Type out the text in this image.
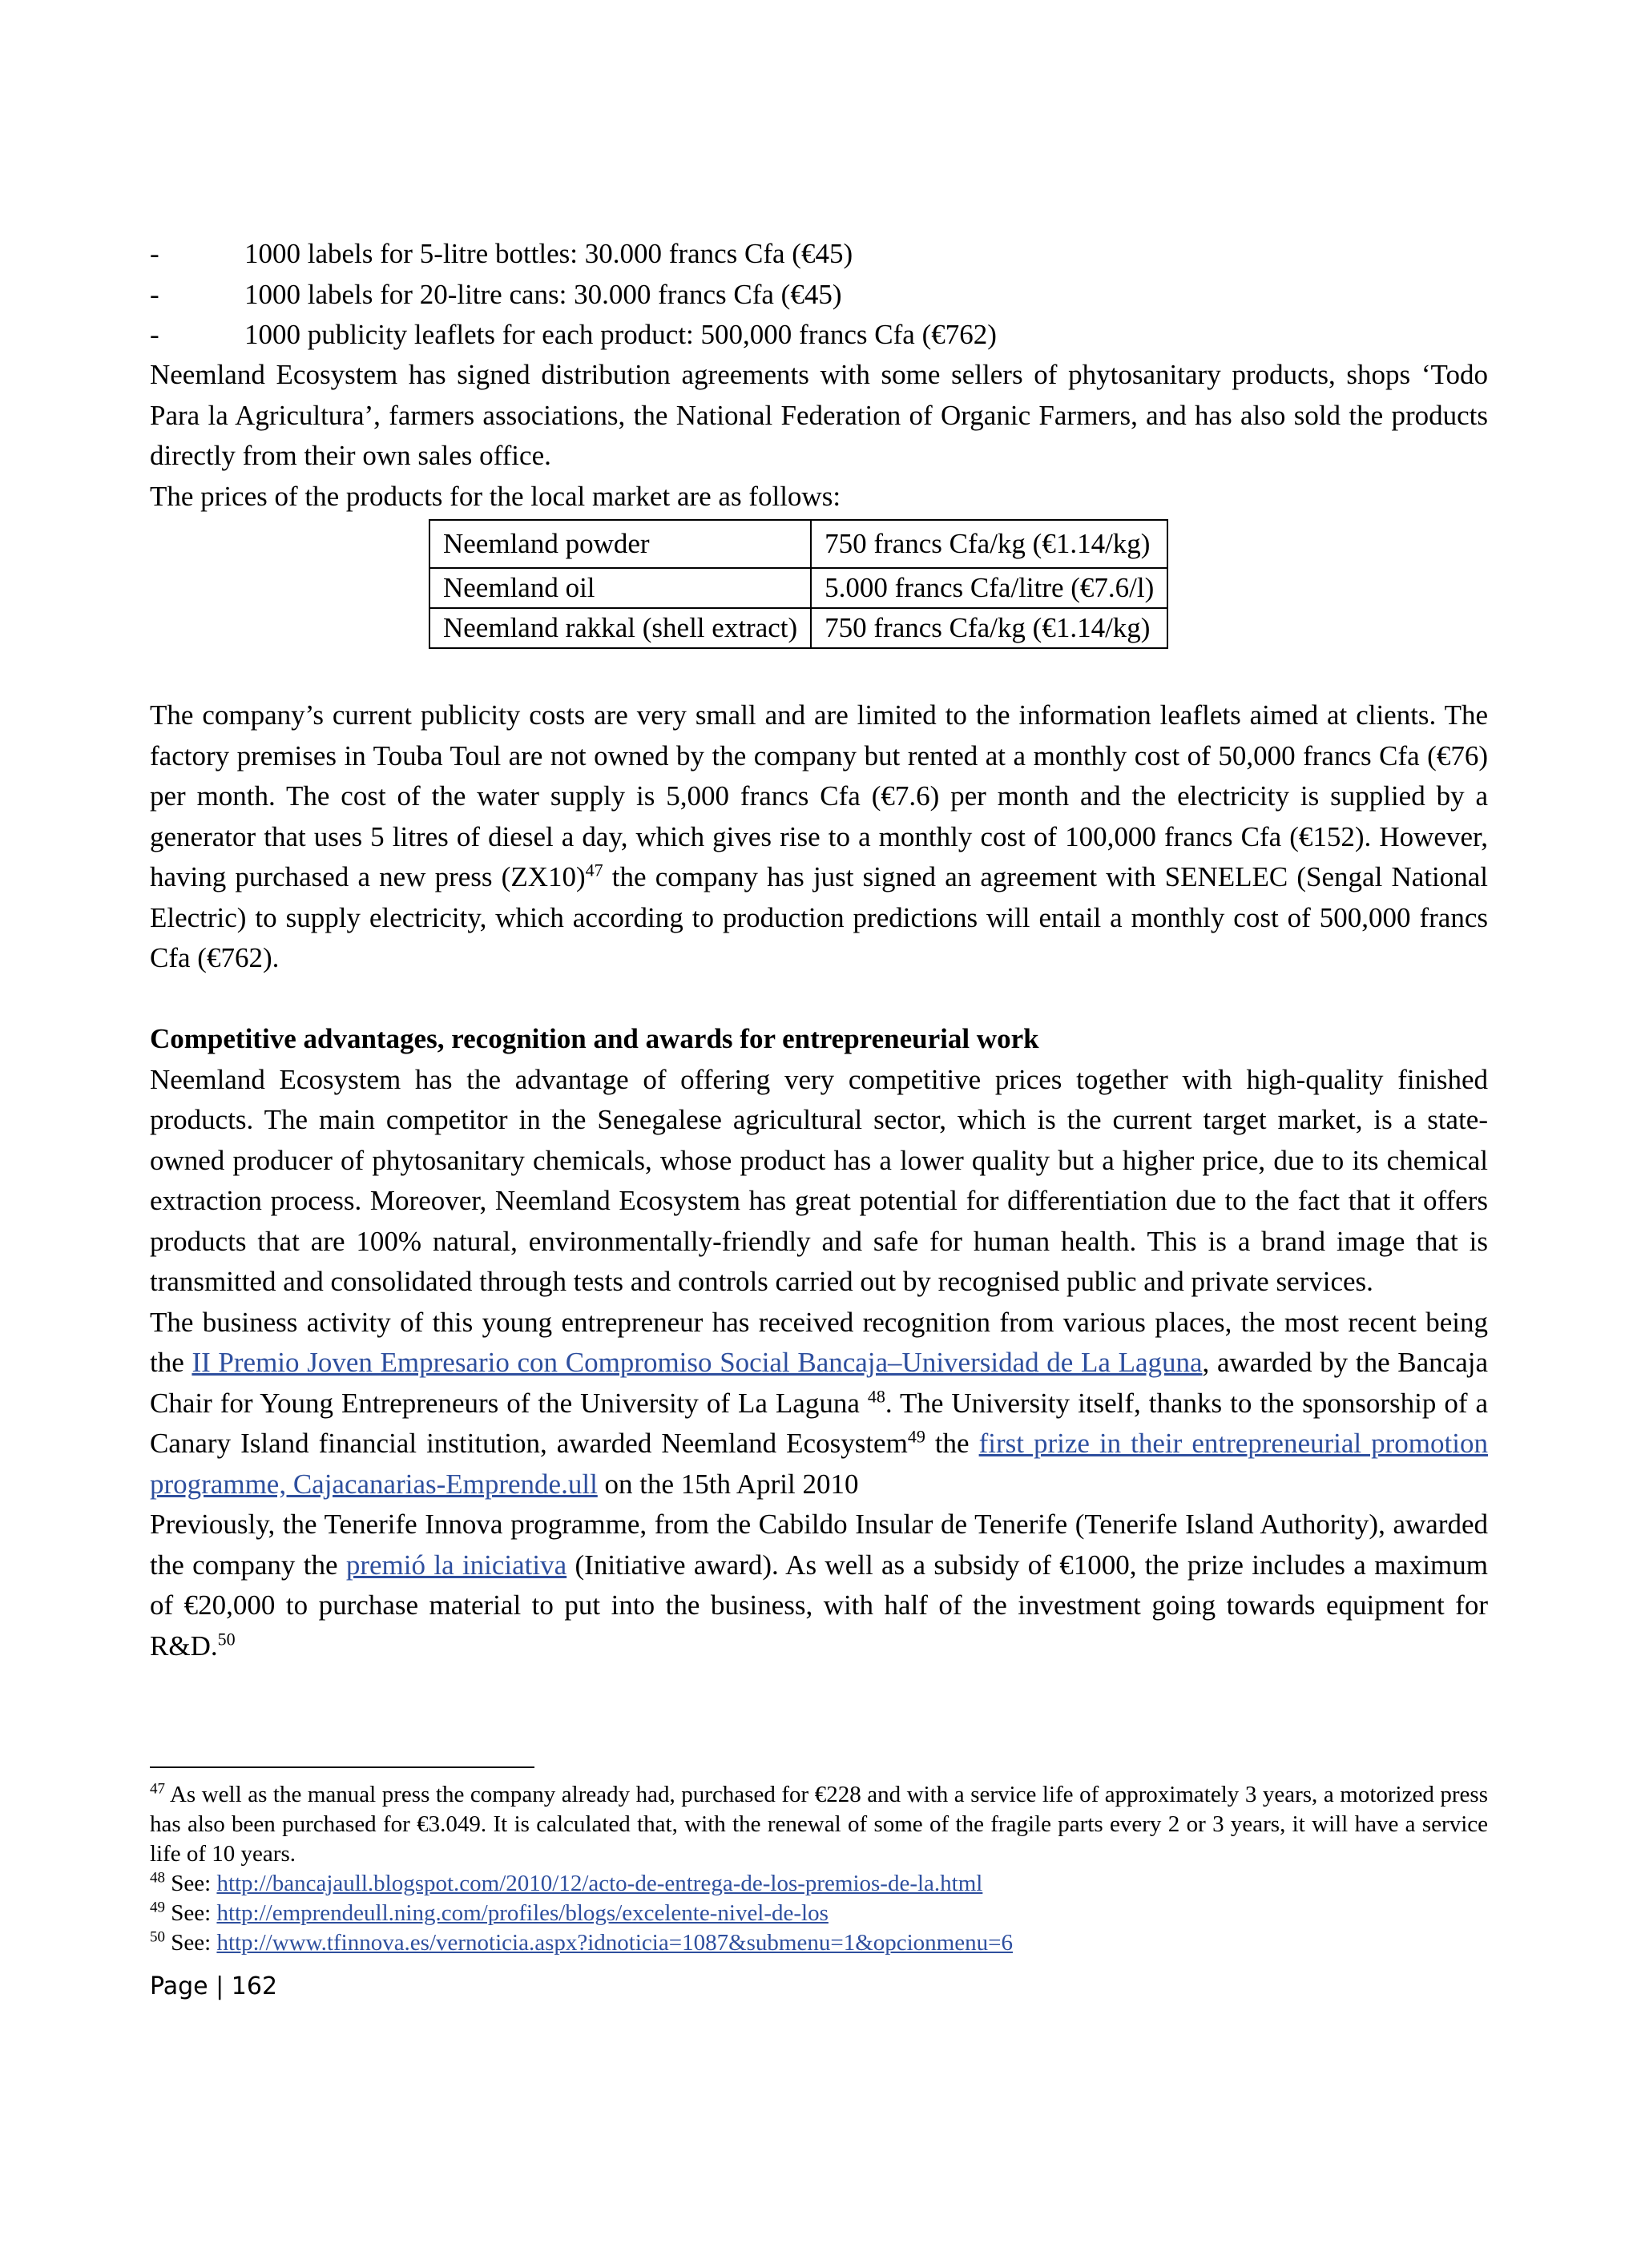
-	1000 labels for 5-litre bottles: 30.000 francs Cfa (€45)
-	1000 labels for 20-litre cans: 30.000 francs Cfa (€45)
-	1000 publicity leaflets for each product: 500,000 francs Cfa (€762)

Neemland Ecosystem has signed distribution agreements with some sellers of phytosanitary products, shops ‘Todo Para la Agricultura’, farmers associations, the National Federation of Organic Farmers, and has also sold the products directly from their own sales office.

The prices of the products for the local market are as follows:

Neemland powder	750 francs Cfa/kg (€1.14/kg)
Neemland oil	5.000 francs Cfa/litre (€7.6/l)
Neemland rakkal (shell extract)	750 francs Cfa/kg (€1.14/kg)

The company’s current publicity costs are very small and are limited to the information leaflets aimed at clients. The factory premises in Touba Toul are not owned by the company but rented at a monthly cost of 50,000 francs Cfa (€76) per month. The cost of the water supply is 5,000 francs Cfa (€7.6) per month and the electricity is supplied by a generator that uses 5 litres of diesel a day, which gives rise to a monthly cost of 100,000 francs Cfa (€152). However, having purchased a new press $(ZX10)^{47}$ the company has just signed an agreement with SENELEC (Sengal National Electric) to supply electricity, which according to production predictions will entail a monthly cost of 500,000 francs Cfa (€762).

Competitive advantages, recognition and awards for entrepreneurial work

Neemland Ecosystem has the advantage of offering very competitive prices together with high-quality finished products. The main competitor in the Senegalese agricultural sector, which is the current target market, is a state-owned producer of phytosanitary chemicals, whose product has a lower quality but a higher price, due to its chemical extraction process. Moreover, Neemland Ecosystem has great potential for differentiation due to the fact that it offers products that are 100% natural, environmentally-friendly and safe for human health. This is a brand image that is transmitted and consolidated through tests and controls carried out by recognised public and private services.

The business activity of this young entrepreneur has received recognition from various places, the most recent being the II Premio Joven Empresario con Compromiso Social Bancaja–Universidad de La Laguna, awarded by the Bancaja Chair for Young Entrepreneurs of the University of La Laguna $^{48}$. The University itself, thanks to the sponsorship of a Canary Island financial institution, awarded Neemland Ecosystem$^{49}$ the first prize in their entrepreneurial promotion programme, Cajacanarias-Emprende.ull on the 15th April 2010

Previously, the Tenerife Innova programme, from the Cabildo Insular de Tenerife (Tenerife Island Authority), awarded the company the premió la iniciativa (Initiative award). As well as a subsidy of €1000, the prize includes a maximum of €20,000 to purchase material to put into the business, with half of the investment going towards equipment for R&D.$^{50}$

$^{47}$ As well as the manual press the company already had, purchased for €228 and with a service life of approximately 3 years, a motorized press has also been purchased for €3.049. It is calculated that, with the renewal of some of the fragile parts every 2 or 3 years, it will have a service life of 10 years.

$^{48}$ See: http://bancajaull.blogspot.com/2010/12/acto-de-entrega-de-los-premios-de-la.html

$^{49}$ See: http://emprendeull.ning.com/profiles/blogs/excelente-nivel-de-los

$^{50}$ See: http://www.tfinnova.es/vernoticia.aspx?idnoticia=1087&submenu=1&opcionmenu=6

Page | 162
